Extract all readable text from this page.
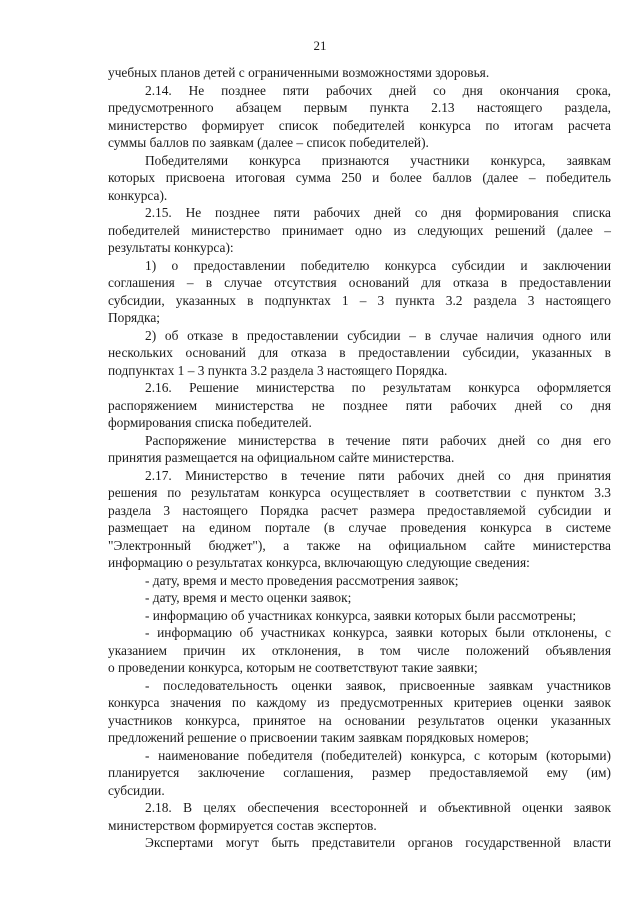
21
учебных планов детей с ограниченными возможностями здоровья.
2.14. Не позднее пяти рабочих дней со дня окончания срока,
предусмотренного абзацем первым пункта 2.13 настоящего раздела,
министерство формирует список победителей конкурса по итогам расчета
суммы баллов по заявкам (далее – список победителей).
Победителями конкурса признаются участники конкурса, заявкам
которых присвоена итоговая сумма 250 и более баллов (далее – победитель
конкурса).
2.15. Не позднее пяти рабочих дней со дня формирования списка
победителей министерство принимает одно из следующих решений (далее –
результаты конкурса):
1) о предоставлении победителю конкурса субсидии и заключении
соглашения – в случае отсутствия оснований для отказа в предоставлении
субсидии, указанных в подпунктах 1 – 3 пункта 3.2 раздела 3 настоящего
Порядка;
2) об отказе в предоставлении субсидии – в случае наличия одного или
нескольких оснований для отказа в предоставлении субсидии, указанных в
подпунктах 1 – 3 пункта 3.2 раздела 3 настоящего Порядка.
2.16. Решение министерства по результатам конкурса оформляется
распоряжением министерства не позднее пяти рабочих дней со дня
формирования списка победителей.
Распоряжение министерства в течение пяти рабочих дней со дня его
принятия размещается на официальном сайте министерства.
2.17. Министерство в течение пяти рабочих дней со дня принятия
решения по результатам конкурса осуществляет в соответствии с пунктом 3.3
раздела 3 настоящего Порядка расчет размера предоставляемой субсидии и
размещает на едином портале (в случае проведения конкурса в системе
"Электронный бюджет"), а также на официальном сайте министерства
информацию о результатах конкурса, включающую следующие сведения:
- дату, время и место проведения рассмотрения заявок;
- дату, время и место оценки заявок;
- информацию об участниках конкурса, заявки которых были рассмотрены;
- информацию об участниках конкурса, заявки которых были отклонены, с
указанием причин их отклонения, в том числе положений объявления
о проведении конкурса, которым не соответствуют такие заявки;
- последовательность оценки заявок, присвоенные заявкам участников
конкурса значения по каждому из предусмотренных критериев оценки заявок
участников конкурса, принятое на основании результатов оценки указанных
предложений решение о присвоении таким заявкам порядковых номеров;
- наименование победителя (победителей) конкурса, с которым (которыми)
планируется заключение соглашения, размер предоставляемой ему (им)
субсидии.
2.18. В целях обеспечения всесторонней и объективной оценки заявок
министерством формируется состав экспертов.
Экспертами могут быть представители органов государственной власти
